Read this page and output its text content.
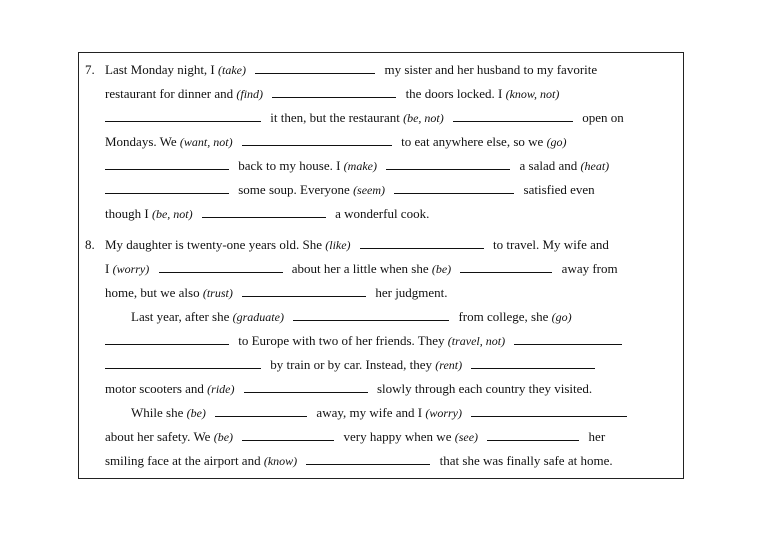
7. Last Monday night, I (take)	my sister and her husband to my favorite
restaurant for dinner and (find)	the doors locked. I (know, not)
it then, but the restaurant (be, not)	open on
Mondays. We (want, not)	to eat anywhere else, so we (go)
back to my house. I (make)	a salad and (heat)
some soup. Everyone (seem)	satisfied even
though I (be, not)	a wonderful cook.
8. My daughter is twenty-one years old. She (like)	to travel. My wife and
I (worry)	about her a little when she (be)	away from
home, but we also (trust)	her judgment.
Last year, after she (graduate)	from college, she (go)
to Europe with two of her friends. They (travel, not)
by train or by car. Instead, they (rent)
motor scooters and (ride)	slowly through each country they visited.
While she (be)	away, my wife and I (worry)
about her safety. We (be)	very happy when we (see)	her
smiling face at the airport and (know)	that she was finally safe at home.
